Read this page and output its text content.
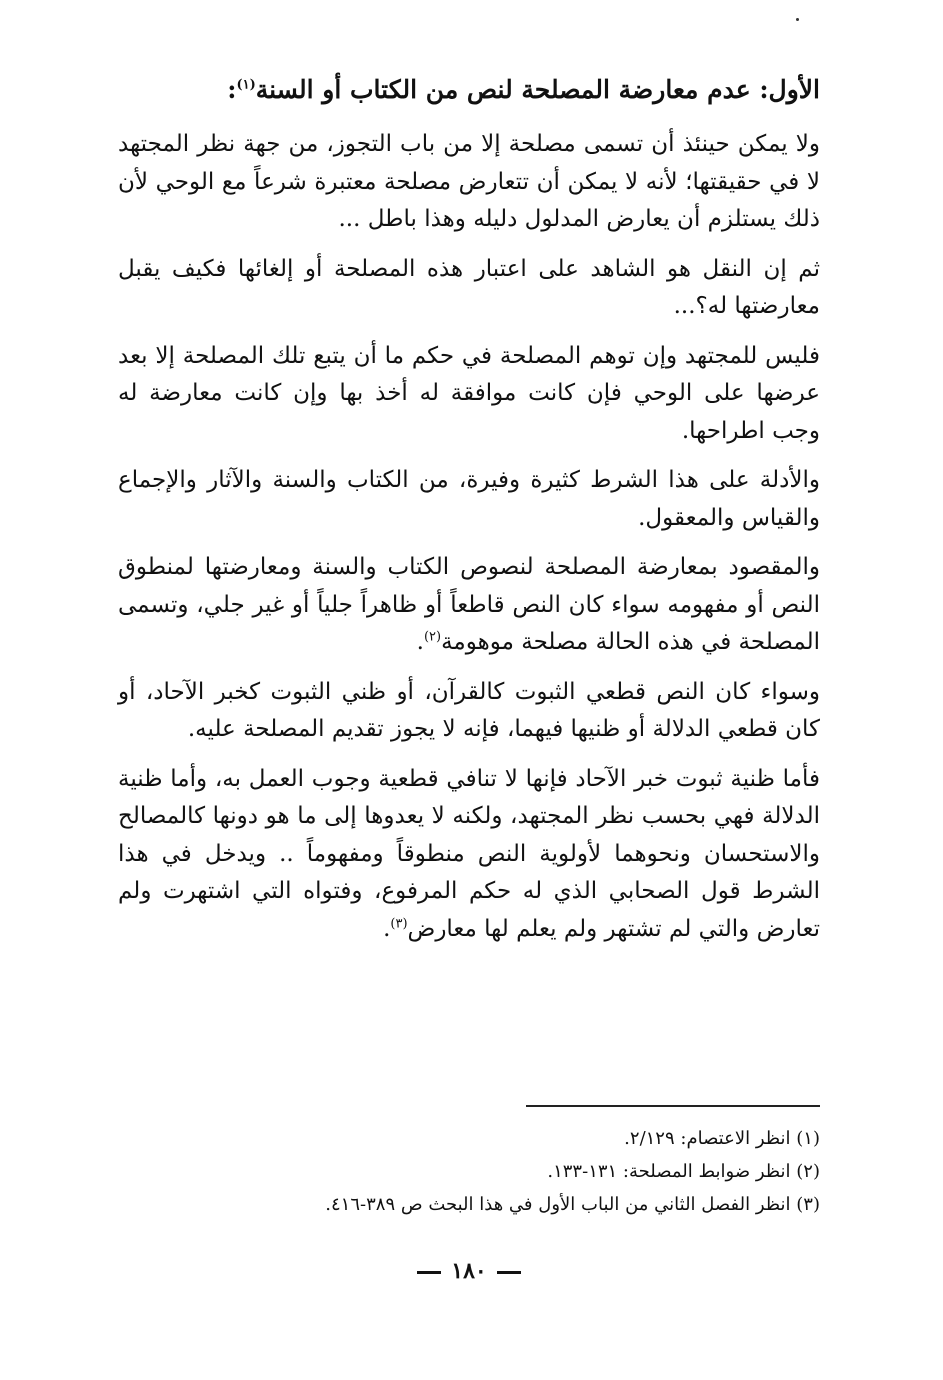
الأول: عدم معارضة المصلحة لنص من الكتاب أو السنة$^{(١)}$:

ولا يمكن حينئذ أن تسمى مصلحة إلا من باب التجوز، من جهة نظر المجتهد لا في حقيقتها؛ لأنه لا يمكن أن تتعارض مصلحة معتبرة شرعاً مع الوحي لأن ذلك يستلزم أن يعارض المدلول دليله وهذا باطل ...

ثم إن النقل هو الشاهد على اعتبار هذه المصلحة أو إلغائها فكيف يقبل معارضتها له؟...

فليس للمجتهد وإن توهم المصلحة في حكم ما أن يتبع تلك المصلحة إلا بعد عرضها على الوحي فإن كانت موافقة له أخذ بها وإن كانت معارضة له وجب اطراحها.

والأدلة على هذا الشرط كثيرة وفيرة، من الكتاب والسنة والآثار والإجماع والقياس والمعقول.

والمقصود بمعارضة المصلحة لنصوص الكتاب والسنة ومعارضتها لمنطوق النص أو مفهومه سواء كان النص قاطعاً أو ظاهراً جلياً أو غير جلي، وتسمى المصلحة في هذه الحالة مصلحة موهومة$^{(٢)}$.

وسواء كان النص قطعي الثبوت كالقرآن، أو ظني الثبوت كخبر الآحاد، أو كان قطعي الدلالة أو ظنيها فيهما، فإنه لا يجوز تقديم المصلحة عليه.

فأما ظنية ثبوت خبر الآحاد فإنها لا تنافي قطعية وجوب العمل به، وأما ظنية الدلالة فهي بحسب نظر المجتهد، ولكنه لا يعدوها إلى ما هو دونها كالمصالح والاستحسان ونحوهما لأولوية النص منطوقاً ومفهوماً .. ويدخل في هذا الشرط قول الصحابي الذي له حكم المرفوع، وفتواه التي اشتهرت ولم تعارض والتي لم تشتهر ولم يعلم لها معارض$^{(٣)}$.

(١) انظر الاعتصام: ٢/١٢٩.
(٢) انظر ضوابط المصلحة: ١٣١-١٣٣.
(٣) انظر الفصل الثاني من الباب الأول في هذا البحث ص ٣٨٩-٤١٦.
١٨٠
